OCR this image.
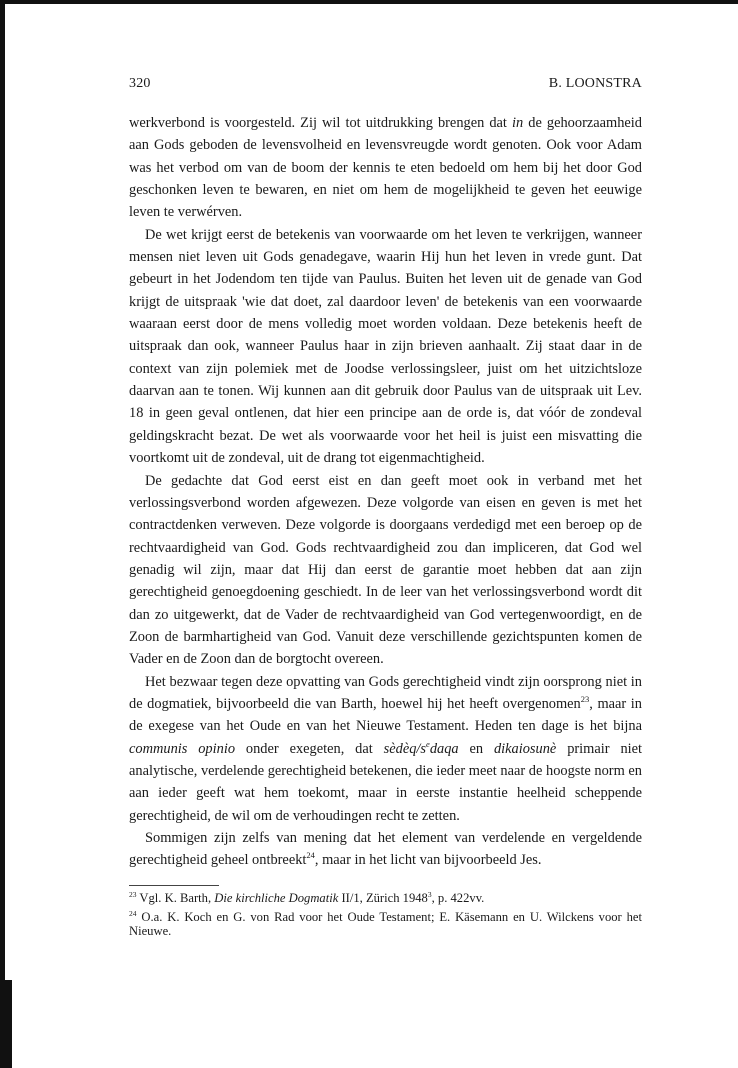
320	B. LOONSTRA

werkverbond is voorgesteld. Zij wil tot uitdrukking brengen dat in de gehoorzaamheid aan Gods geboden de levensvolheid en levensvreugde wordt genoten. Ook voor Adam was het verbod om van de boom der kennis te eten bedoeld om hem bij het door God geschonken leven te bewaren, en niet om hem de mogelijkheid te geven het eeuwige leven te verwérven.

De wet krijgt eerst de betekenis van voorwaarde om het leven te verkrijgen, wanneer mensen niet leven uit Gods genadegave, waarin Hij hun het leven in vrede gunt. Dat gebeurt in het Jodendom ten tijde van Paulus. Buiten het leven uit de genade van God krijgt de uitspraak 'wie dat doet, zal daardoor leven' de betekenis van een voorwaarde waaraan eerst door de mens volledig moet worden voldaan. Deze betekenis heeft de uitspraak dan ook, wanneer Paulus haar in zijn brieven aanhaalt. Zij staat daar in de context van zijn polemiek met de Joodse verlossingsleer, juist om het uitzichtsloze daarvan aan te tonen. Wij kunnen aan dit gebruik door Paulus van de uitspraak uit Lev. 18 in geen geval ontlenen, dat hier een principe aan de orde is, dat vóór de zondeval geldingskracht bezat. De wet als voorwaarde voor het heil is juist een misvatting die voortkomt uit de zondeval, uit de drang tot eigenmachtigheid.

De gedachte dat God eerst eist en dan geeft moet ook in verband met het verlossingsverbond worden afgewezen. Deze volgorde van eisen en geven is met het contractdenken verweven. Deze volgorde is doorgaans verdedigd met een beroep op de rechtvaardigheid van God. Gods rechtvaardigheid zou dan impliceren, dat God wel genadig wil zijn, maar dat Hij dan eerst de garantie moet hebben dat aan zijn gerechtigheid genoegdoening geschiedt. In de leer van het verlossingsverbond wordt dit dan zo uitgewerkt, dat de Vader de rechtvaardigheid van God vertegenwoordigt, en de Zoon de barmhartigheid van God. Vanuit deze verschillende gezichtspunten komen de Vader en de Zoon dan de borgtocht overeen.

Het bezwaar tegen deze opvatting van Gods gerechtigheid vindt zijn oorsprong niet in de dogmatiek, bijvoorbeeld die van Barth, hoewel hij het heeft overgenomen$^{23}$, maar in de exegese van het Oude en van het Nieuwe Testament. Heden ten dage is het bijna communis opinio onder exegeten, dat sèdèq/$s^edaqa$ en dikaiosunè primair niet analytische, verdelende gerechtigheid betekenen, die ieder meet naar de hoogste norm en aan ieder geeft wat hem toekomt, maar in eerste instantie heelheid scheppende gerechtigheid, de wil om de verhoudingen recht te zetten.

Sommigen zijn zelfs van mening dat het element van verdelende en vergeldende gerechtigheid geheel ontbreekt$^{24}$, maar in het licht van bijvoorbeeld Jes.

$^{23}$ Vgl. K. Barth, Die kirchliche Dogmatik II/1, Zürich 1948$^3$, p. 422vv.

$^{24}$ O.a. K. Koch en G. von Rad voor het Oude Testament; E. Käsemann en U. Wilckens voor het Nieuwe.
